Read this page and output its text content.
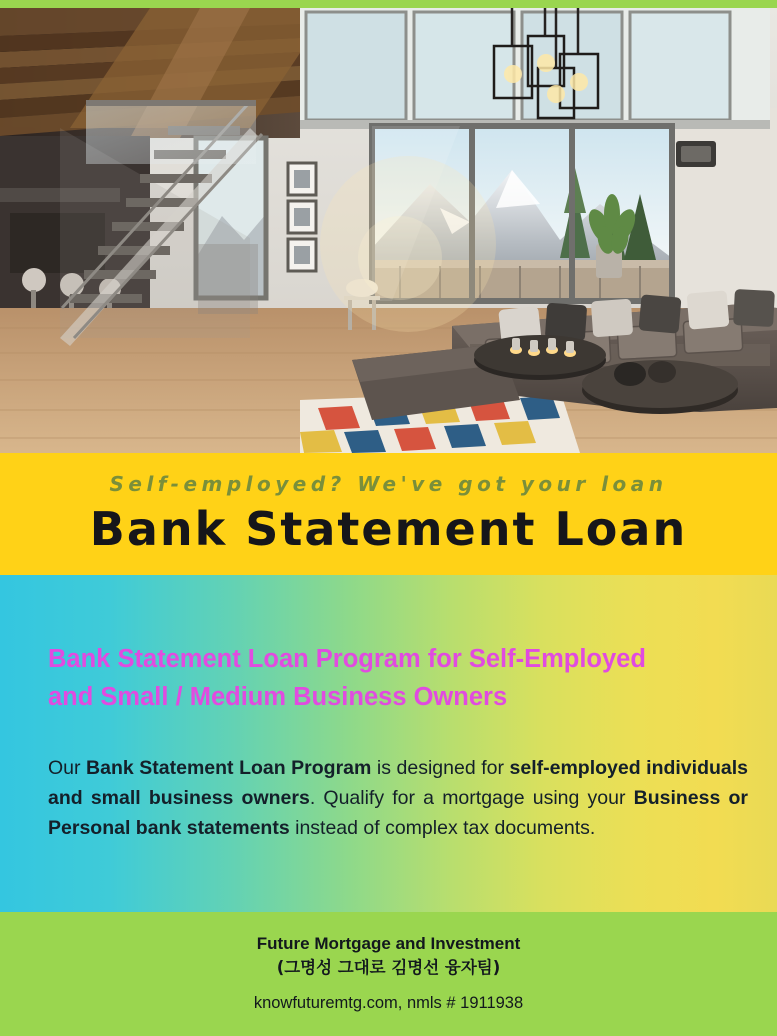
Self-employed? We've got your loan
Bank Statement Loan
Bank Statement Loan Program for Self-Employed
and Small / Medium Business Owners
Our Bank Statement Loan Program is designed for self-employed individuals and small business owners. Qualify for a mortgage using your Business or Personal bank statements instead of complex tax documents.
Future Mortgage and Investment
(그명성 그대로 김명선 융자팀)
knowfuturemtg.com, nmls # 1911938
